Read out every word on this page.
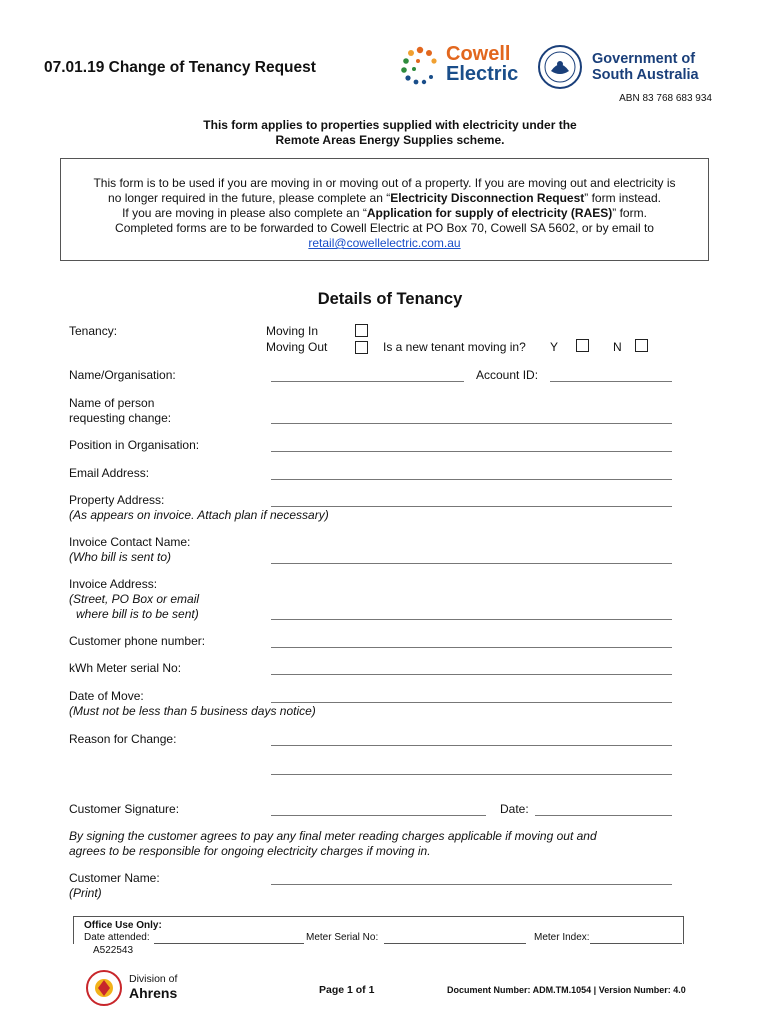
07.01.19 Change of Tenancy Request
Cowell
Electric
Government of
South Australia
ABN 83 768 683 934
This form applies to properties supplied with electricity under the
Remote Areas Energy Supplies scheme.
This form is to be used if you are moving in or moving out of a property. If you are moving out and electricity is
no longer required in the future, please complete an “Electricity Disconnection Request” form instead.
If you are moving in please also complete an “Application for supply of electricity (RAES)” form.
Completed forms are to be forwarded to Cowell Electric at PO Box 70, Cowell SA 5602, or by email to
retail@cowellelectric.com.au
Details of Tenancy
Tenancy:	Moving In
Moving Out	Is a new tenant moving in? Y	N
Name/Organisation:	Account ID:
Name of person
requesting change:
Position in Organisation:
Email Address:
Property Address:
(As appears on invoice. Attach plan if necessary)
Invoice Contact Name:
(Who bill is sent to)
Invoice Address:
(Street, PO Box or email
where bill is to be sent)
Customer phone number:
kWh Meter serial No:
Date of Move:
(Must not be less than 5 business days notice)
Reason for Change:
Customer Signature:	Date:
By signing the customer agrees to pay any final meter reading charges applicable if moving out and
agrees to be responsible for ongoing electricity charges if moving in.
Customer Name:
(Print)
Office Use Only:
Date attended:	Meter Serial No:	Meter Index:
A522543
Division of
Ahrens	Page 1 of 1	Document Number: ADM.TM.1054 | Version Number: 4.0
